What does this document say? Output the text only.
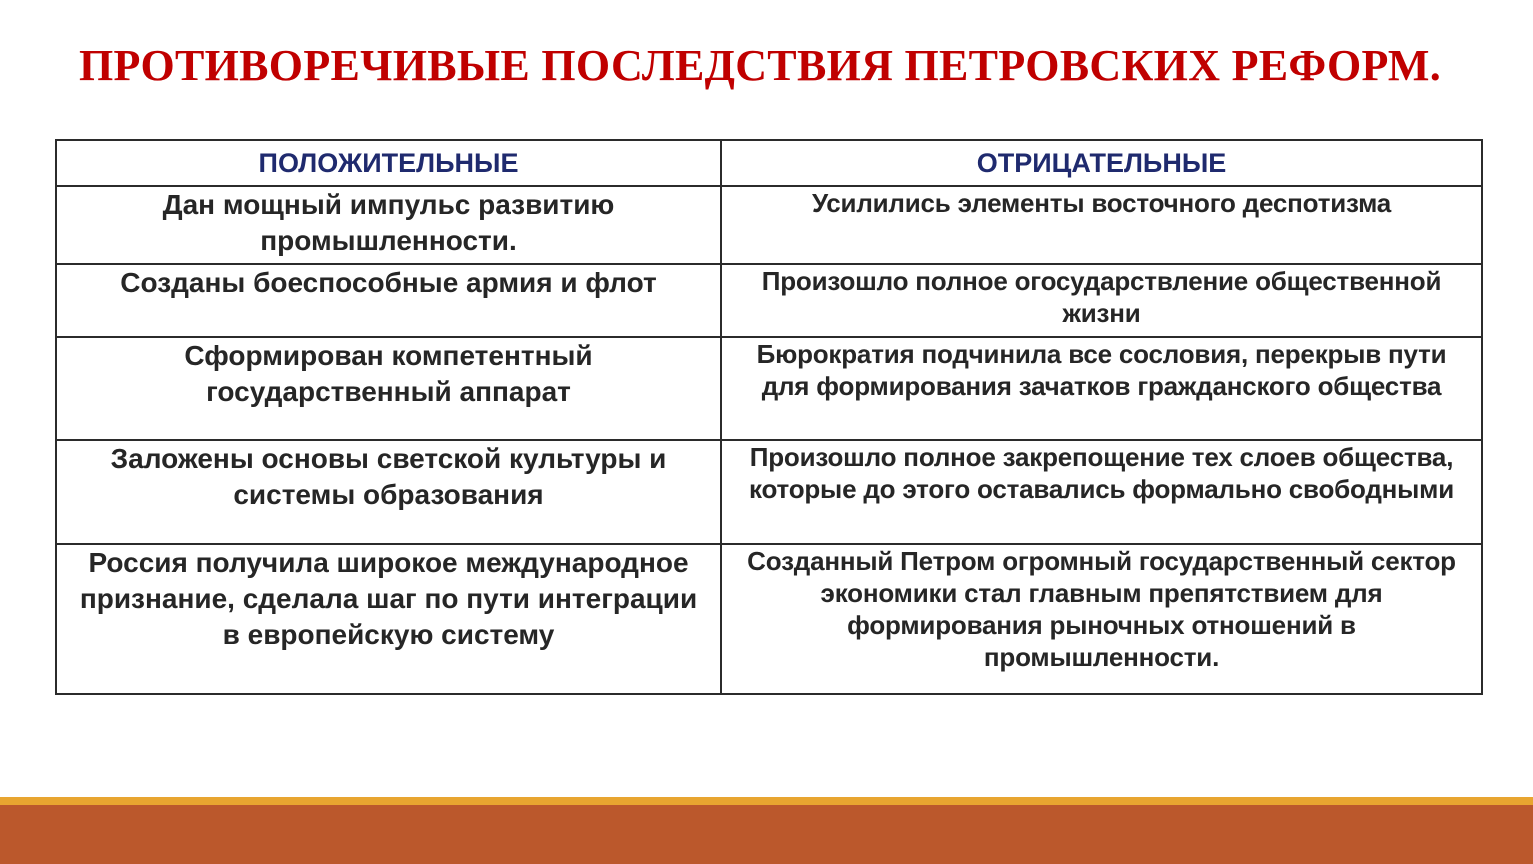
ПРОТИВОРЕЧИВЫЕ ПОСЛЕДСТВИЯ ПЕТРОВСКИХ РЕФОРМ.
ПОЛОЖИТЕЛЬНЫЕ	ОТРИЦАТЕЛЬНЫЕ
Дан мощный импульс развитию промышленности.	Усилились элементы восточного деспотизма
Созданы боеспособные армия и флот	Произошло полное огосударствление общественной жизни
Сформирован компетентный государственный аппарат	Бюрократия подчинила все сословия, перекрыв пути для формирования зачатков гражданского общества
Заложены основы светской культуры и системы образования	Произошло полное закрепощение тех слоев общества, которые до этого оставались формально свободными
Россия получила широкое международное признание, сделала шаг по пути интеграции в европейскую систему	Созданный Петром огромный государственный сектор экономики стал главным препятствием для формирования рыночных отношений в промышленности.
